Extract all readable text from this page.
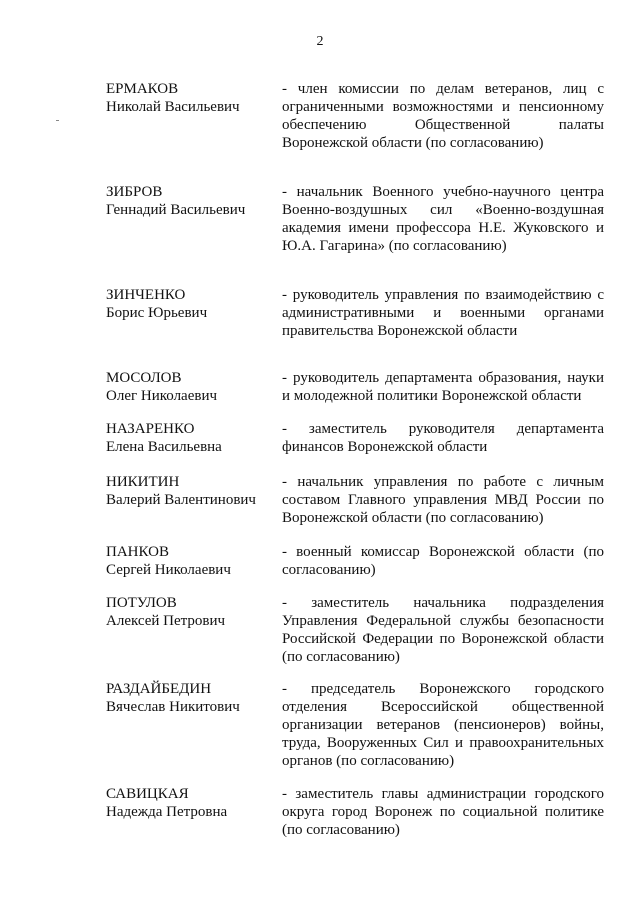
2
ЕРМАКОВ
Николай Васильевич
- член комиссии по делам ветеранов, лиц с ограниченными возможностями и пенсионному обеспечению Общественной палаты Воронежской области (по согласованию)
ЗИБРОВ
Геннадий Васильевич
- начальник Военного учебно-научного центра Военно-воздушных сил «Военно-воздушная академия имени профессора Н.Е. Жуковского и Ю.А. Гагарина» (по согласованию)
ЗИНЧЕНКО
Борис Юрьевич
- руководитель управления по взаимодействию с административными и военными органами правительства Воронежской области
МОСОЛОВ
Олег Николаевич
- руководитель департамента образования, науки и молодежной политики Воронежской области
НАЗАРЕНКО
Елена Васильевна
- заместитель руководителя департамента финансов Воронежской области
НИКИТИН
Валерий Валентинович
- начальник управления по работе с личным составом Главного управления МВД России по Воронежской области (по согласованию)
ПАНКОВ
Сергей Николаевич
- военный комиссар Воронежской области (по согласованию)
ПОТУЛОВ
Алексей Петрович
- заместитель начальника подразделения Управления Федеральной службы безопасности Российской Федерации по Воронежской области (по согласованию)
РАЗДАЙБЕДИН
Вячеслав Никитович
- председатель Воронежского городского отделения Всероссийской общественной организации ветеранов (пенсионеров) войны, труда, Вооруженных Сил и правоохранительных органов (по согласованию)
САВИЦКАЯ
Надежда Петровна
- заместитель главы администрации городского округа город Воронеж по социальной политике (по согласованию)
